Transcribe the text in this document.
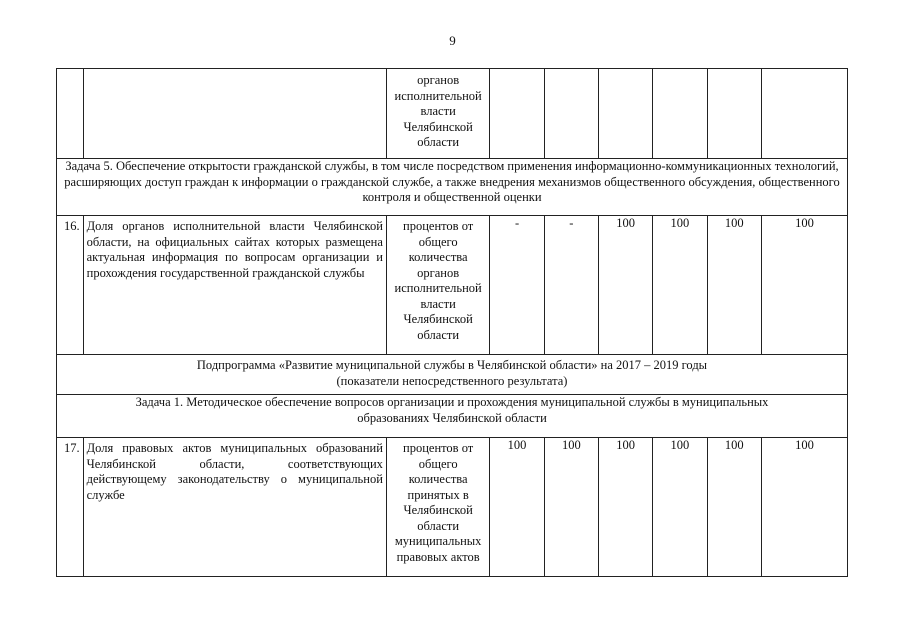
9
		органов исполнительной власти Челябинской области						
Задача 5. Обеспечение открытости гражданской службы, в том числе посредством применения информационно-коммуникационных технологий, расширяющих доступ граждан к информации о гражданской службе, а также внедрения механизмов общественного обсуждения, общественного контроля и общественной оценки								
16.	Доля органов исполнительной власти Челябинской области, на официальных сайтах которых размещена актуальная информация по вопросам организации и прохождения государственной гражданской службы	процентов от общего количества органов исполнительной власти Челябинской области	-	-	100	100	100	100

Подпрограмма «Развитие муниципальной службы в Челябинской области» на 2017 – 2019 годы
(показатели непосредственного результата)								

Задача 1. Методическое обеспечение вопросов организации и прохождения муниципальной службы в муниципальных образованиях Челябинской области								
17.	Доля правовых актов муниципальных образований Челябинской области, соответствующих действующему законодательству о муниципальной службе	процентов от общего количества принятых в Челябинской области муниципальных правовых актов	100	100	100	100	100	100
